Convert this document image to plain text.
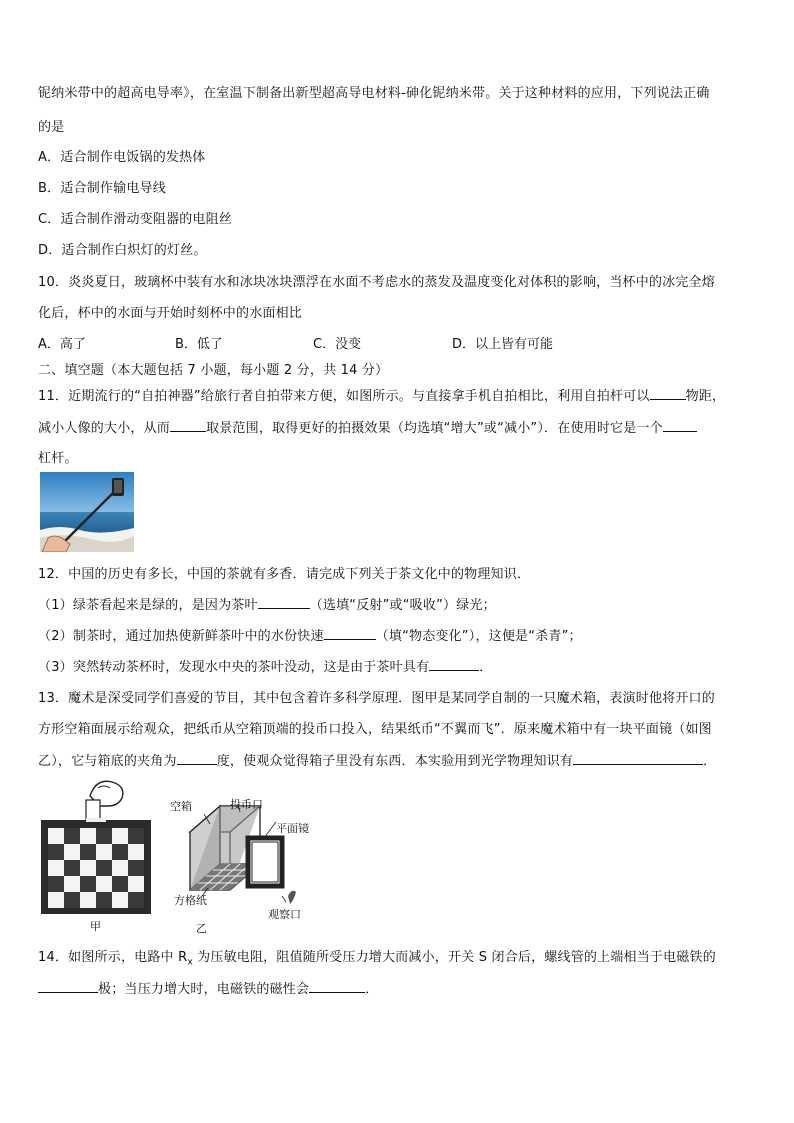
铌纳米带中的超高电导率》，在室温下制备出新型超高导电材料-砷化铌纳米带。关于这种材料的应用，下列说法正确
的是
A．适合制作电饭锅的发热体
B．适合制作输电导线
C．适合制作滑动变阻器的电阻丝
D．适合制作白炽灯的灯丝。
10．炎炎夏日，玻璃杯中装有水和冰块冰块漂浮在水面不考虑水的蒸发及温度变化对体积的影响，当杯中的冰完全熔
化后，杯中的水面与开始时刻杯中的水面相比
A．高了	B．低了	C．没变	D．以上皆有可能
二、填空题（本大题包括 7 小题，每小题 2 分，共 14 分）
11．近期流行的“自拍神器”给旅行者自拍带来方便，如图所示。与直接拿手机自拍相比，利用自拍杆可以	物距，
减小人像的大小，从而	取景范围，取得更好的拍摄效果（均选填“增大”或“减小”）．在使用时它是一个
杠杆。
12．中国的历史有多长，中国的茶就有多香．请完成下列关于茶文化中的物理知识．
（1）绿茶看起来是绿的，是因为茶叶	（选填“反射”或“吸收”）绿光；
（2）制茶时，通过加热使新鲜茶叶中的水份快速	（填“物态变化”），这便是“杀青”；
（3）突然转动茶杯时，发现水中央的茶叶没动，这是由于茶叶具有	．
13．魔术是深受同学们喜爱的节目，其中包含着许多科学原理．图甲是某同学自制的一只魔术箱，表演时他将开口的
方形空箱面展示给观众，把纸币从空箱顶端的投币口投入，结果纸币“不翼而飞”．原来魔术箱中有一块平面镜（如图
乙），它与箱底的夹角为	度，使观众觉得箱子里没有东西．本实验用到光学物理知识有	．
甲
空箱	投币口
平面镜
方格纸
观察口
乙
14．如图所示，电路中 $R_x$ 为压敏电阻，阻值随所受压力增大而减小，开关 S 闭合后，螺线管的上端相当于电磁铁的
极；当压力增大时，电磁铁的磁性会	．
